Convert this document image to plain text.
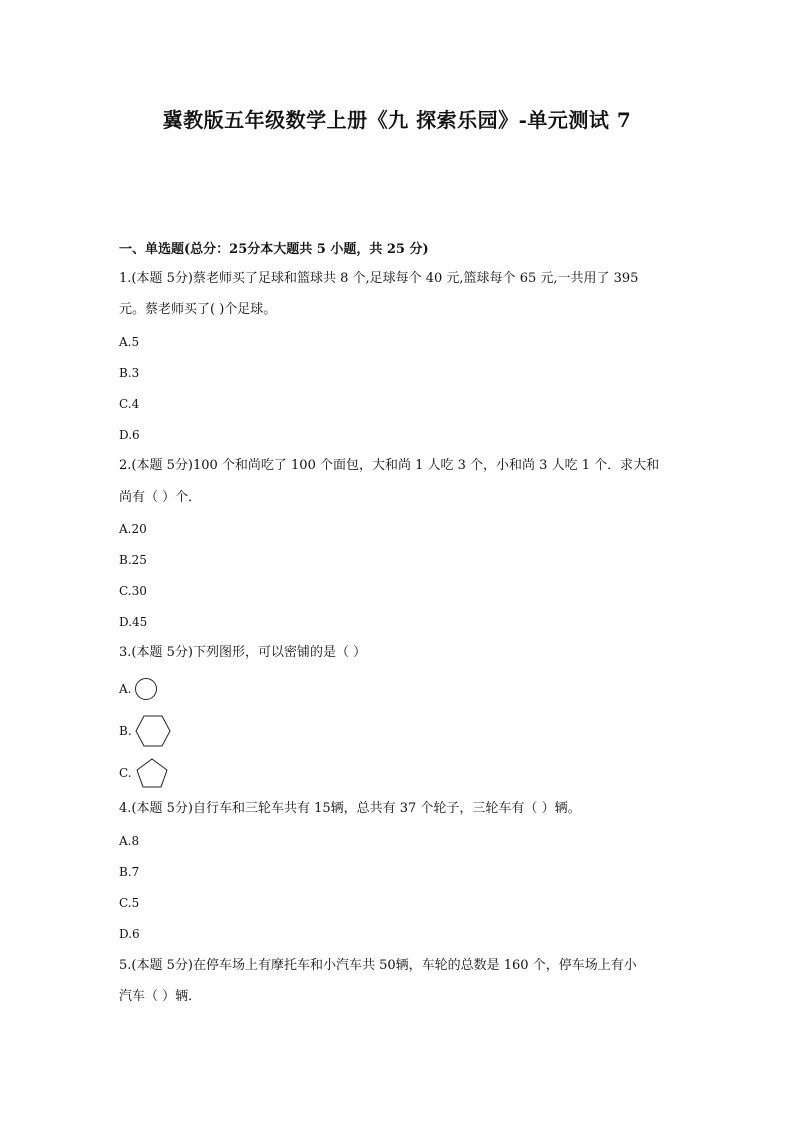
冀教版五年级数学上册《九 探索乐园》-单元测试 7
一、单选题(总分：25分本大题共 5 小题，共 25 分)
1.(本题 5分)蔡老师买了足球和篮球共 8 个,足球每个 40 元,篮球每个 65 元,一共用了 395
元。蔡老师买了( )个足球。
A.5
B.3
C.4
D.6
2.(本题 5分)100 个和尚吃了 100 个面包，大和尚 1 人吃 3 个，小和尚 3 人吃 1 个．求大和
尚有（ ）个．
A.20
B.25
C.30
D.45
3.(本题 5分)下列图形，可以密铺的是（ ）
A.
B.
C.
4.(本题 5分)自行车和三轮车共有 15辆，总共有 37 个轮子，三轮车有（ ）辆。
A.8
B.7
C.5
D.6
5.(本题 5分)在停车场上有摩托车和小汽车共 50辆，车轮的总数是 160 个，停车场上有小
汽车（ ）辆．
